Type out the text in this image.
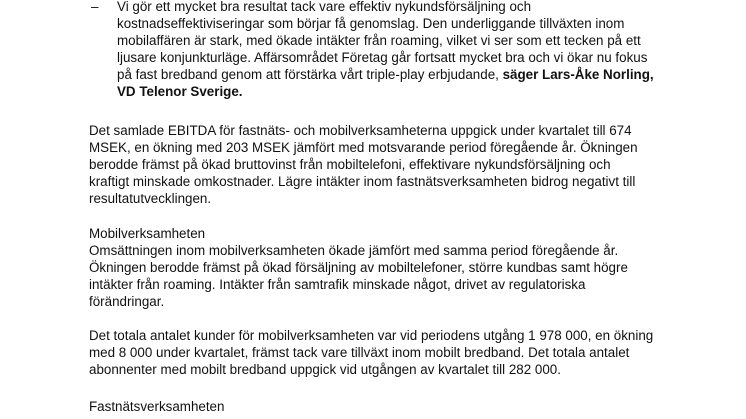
– Vi gör ett mycket bra resultat tack vare effektiv nykundsförsäljning och
kostnadseffektiviseringar som börjar få genomslag. Den underliggande tillväxten inom
mobilaffären är stark, med ökade intäkter från roaming, vilket vi ser som ett tecken på ett
ljusare konjunkturläge. Affärsområdet Företag går fortsatt mycket bra och vi ökar nu fokus
på fast bredband genom att förstärka vårt triple-play erbjudande, säger Lars-Åke Norling,
VD Telenor Sverige.
Det samlade EBITDA för fastnäts- och mobilverksamheterna uppgick under kvartalet till 674
MSEK, en ökning med 203 MSEK jämfört med motsvarande period föregående år. Ökningen
berodde främst på ökad bruttovinst från mobiltelefoni, effektivare nykundsförsäljning och
kraftigt minskade omkostnader. Lägre intäkter inom fastnätsverksamheten bidrog negativt till
resultatutvecklingen.
Mobilverksamheten
Omsättningen inom mobilverksamheten ökade jämfört med samma period föregående år.
Ökningen berodde främst på ökad försäljning av mobiltelefoner, större kundbas samt högre
intäkter från roaming. Intäkter från samtrafik minskade något, drivet av regulatoriska
förändringar.
Det totala antalet kunder för mobilverksamheten var vid periodens utgång 1 978 000, en ökning
med 8 000 under kvartalet, främst tack vare tillväxt inom mobilt bredband. Det totala antalet
abonnenter med mobilt bredband uppgick vid utgången av kvartalet till 282 000.
Fastnätsverksamheten
